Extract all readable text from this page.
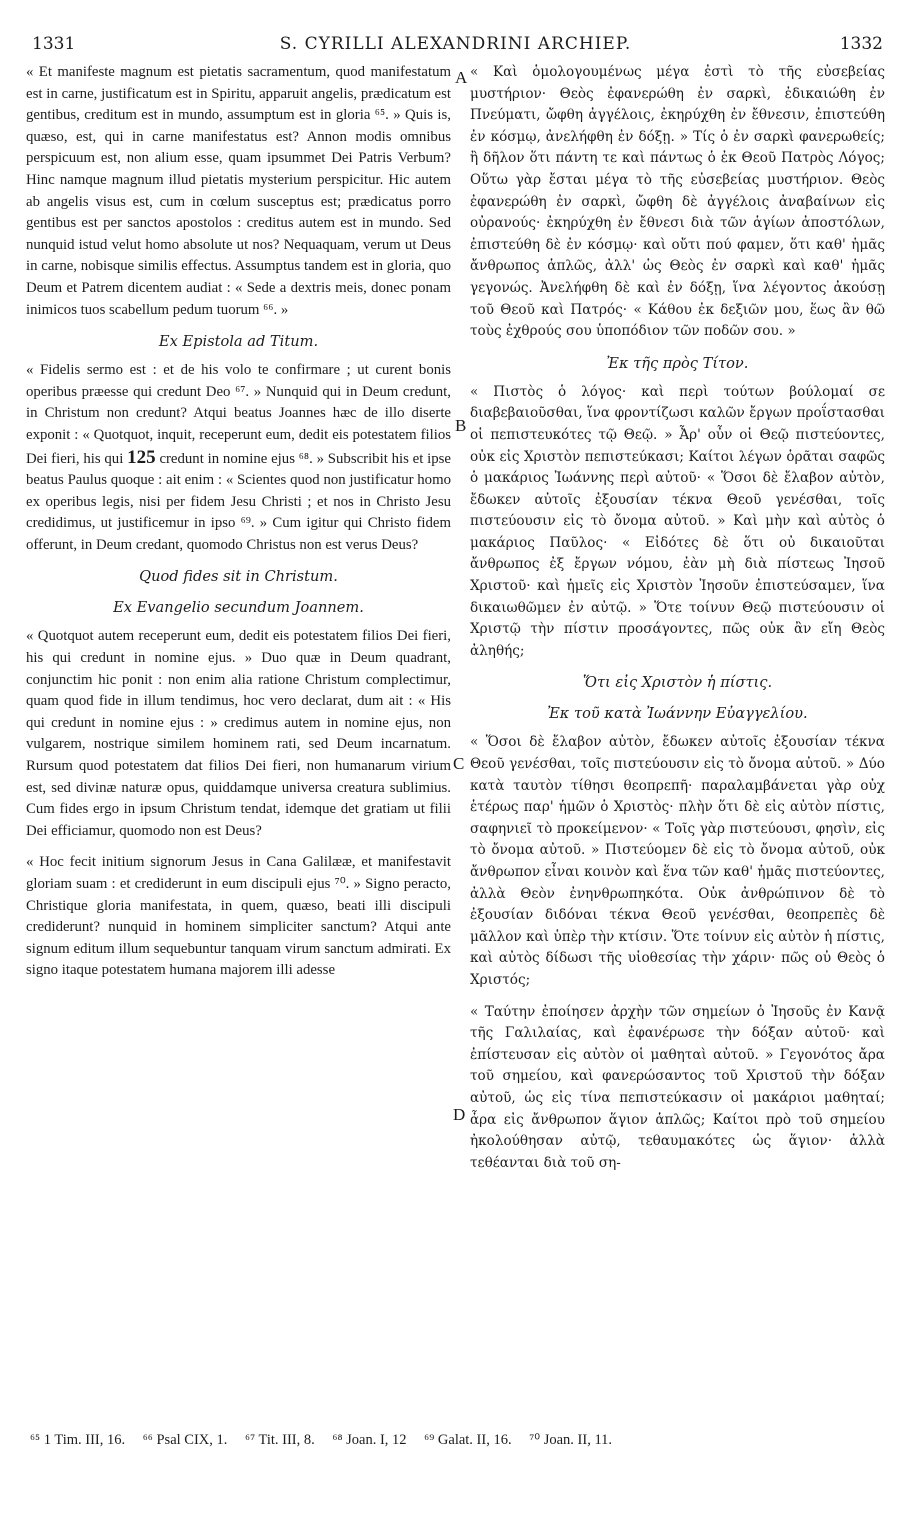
1331	S. CYRILLI ALEXANDRINI ARCHIEP.	1332

« Et manifeste magnum est pietatis sacramentum, quod manifestatum est in carne, justificatum est in Spiritu, apparuit angelis, prædicatum est gentibus, creditum est in mundo, assumptum est in gloria ⁶⁵. » Quis is, quæso, est, qui in carne manifestatus est? Annon modis omnibus perspicuum est, non alium esse, quam ipsummet Dei Patris Verbum? Hinc namque magnum illud pietatis mysterium perspicitur. Hic autem ab angelis visus est, cum in cœlum susceptus est; prædicatus porro gentibus est per sanctos apostolos : creditus autem est in mundo. Sed nunquid istud velut homo absolute ut nos? Nequaquam, verum ut Deus in carne, nobisque similis effectus. Assumptus tandem est in gloria, quo Deum et Patrem dicentem audiat : « Sede a dextris meis, donec ponam inimicos tuos scabellum pedum tuorum ⁶⁶. »

Ex Epistola ad Titum.

« Fidelis sermo est : et de his volo te confirmare ; ut curent bonis operibus præesse qui credunt Deo ⁶⁷. » Nunquid qui in Deum credunt, in Christum non credunt? Atqui beatus Joannes hæc de illo diserte exponit : « Quotquot, inquit, receperunt eum, dedit eis potestatem filios Dei fieri, his qui 125 credunt in nomine ejus ⁶⁸. » Subscribit his et ipse beatus Paulus quoque : ait enim : « Scientes quod non justificatur homo ex operibus legis, nisi per fidem Jesu Christi ; et nos in Christo Jesu credidimus, ut justificemur in ipso ⁶⁹. » Cum igitur qui Christo fidem offerunt, in Deum credant, quomodo Christus non est verus Deus?

Quod fides sit in Christum.
Ex Evangelio secundum Joannem.

« Quotquot autem receperunt eum, dedit eis potestatem filios Dei fieri, his qui credunt in nomine ejus. » Duo quæ in Deum quadrant, conjunctim hic ponit : non enim alia ratione Christum complectimur, quam quod fide in illum tendimus, hoc vero declarat, dum ait : « His qui credunt in nomine ejus : » credimus autem in nomine ejus, non vulgarem, nostrique similem hominem rati, sed Deum incarnatum. Rursum quod potestatem dat filios Dei fieri, non humanarum virium est, sed divinæ naturæ opus, quiddamque universa creatura sublimius. Cum fides ergo in ipsum Christum tendat, idemque det gratiam ut filii Dei efficiamur, quomodo non est Deus?

« Hoc fecit initium signorum Jesus in Cana Galilææ, et manifestavit gloriam suam : et crediderunt in eum discipuli ejus ⁷⁰. » Signo peracto, Christique gloria manifestata, in quem, quæso, beati illi discipuli crediderunt? nunquid in hominem simpliciter sanctum? Atqui ante signum editum illum sequebuntur tanquam virum sanctum admirati. Ex signo itaque potestatem humana majorem illi adesse

A
B
C
D

« Καὶ ὁμολογουμένως μέγα ἐστὶ τὸ τῆς εὐσεβείας μυστήριον· Θεὸς ἐφανερώθη ἐν σαρκὶ, ἐδικαιώθη ἐν Πνεύματι, ὤφθη ἀγγέλοις, ἐκηρύχθη ἐν ἔθνεσιν, ἐπιστεύθη ἐν κόσμῳ, ἀνελήφθη ἐν δόξῃ. » Τίς ὁ ἐν σαρκὶ φανερωθείς; ἢ δῆλον ὅτι πάντη τε καὶ πάντως ὁ ἐκ Θεοῦ Πατρὸς Λόγος; Οὕτω γὰρ ἔσται μέγα τὸ τῆς εὐσεβείας μυστήριον. Θεὸς ἐφανερώθη ἐν σαρκὶ, ὤφθη δὲ ἀγγέλοις ἀναβαίνων εἰς οὐρανούς· ἐκηρύχθη ἐν ἔθνεσι διὰ τῶν ἁγίων ἀποστόλων, ἐπιστεύθη δὲ ἐν κόσμῳ· καὶ οὔτι πού φαμεν, ὅτι καθ' ἡμᾶς ἄνθρωπος ἁπλῶς, ἀλλ' ὡς Θεὸς ἐν σαρκὶ καὶ καθ' ἡμᾶς γεγονώς. Ἀνελήφθη δὲ καὶ ἐν δόξῃ, ἵνα λέγοντος ἀκούσῃ τοῦ Θεοῦ καὶ Πατρός· « Κάθου ἐκ δεξιῶν μου, ἕως ἂν θῶ τοὺς ἐχθρούς σου ὑποπόδιον τῶν ποδῶν σου. »

Ἐκ τῆς πρὸς Τίτον.

« Πιστὸς ὁ λόγος· καὶ περὶ τούτων βούλομαί σε διαβεβαιοῦσθαι, ἵνα φροντίζωσι καλῶν ἔργων προΐστασθαι οἱ πεπιστευκότες τῷ Θεῷ. » Ἆρ' οὖν οἱ Θεῷ πιστεύοντες, οὐκ εἰς Χριστὸν πεπιστεύκασι; Καίτοι λέγων ὁρᾶται σαφῶς ὁ μακάριος Ἰωάννης περὶ αὐτοῦ· « Ὅσοι δὲ ἔλαβον αὐτὸν, ἔδωκεν αὐτοῖς ἐξουσίαν τέκνα Θεοῦ γενέσθαι, τοῖς πιστεύουσιν εἰς τὸ ὄνομα αὐτοῦ. » Καὶ μὴν καὶ αὐτὸς ὁ μακάριος Παῦλος· « Εἰδότες δὲ ὅτι οὐ δικαιοῦται ἄνθρωπος ἐξ ἔργων νόμου, ἐὰν μὴ διὰ πίστεως Ἰησοῦ Χριστοῦ· καὶ ἡμεῖς εἰς Χριστὸν Ἰησοῦν ἐπιστεύσαμεν, ἵνα δικαιωθῶμεν ἐν αὐτῷ. » Ὅτε τοίνυν Θεῷ πιστεύουσιν οἱ Χριστῷ τὴν πίστιν προσάγοντες, πῶς οὐκ ἂν εἴη Θεὸς ἀληθής;

Ὅτι εἰς Χριστὸν ἡ πίστις.
Ἐκ τοῦ κατὰ Ἰωάννην Εὐαγγελίου.

« Ὅσοι δὲ ἔλαβον αὐτὸν, ἔδωκεν αὐτοῖς ἐξουσίαν τέκνα Θεοῦ γενέσθαι, τοῖς πιστεύουσιν εἰς τὸ ὄνομα αὐτοῦ. » Δύο κατὰ ταυτὸν τίθησι θεοπρεπῆ· παραλαμβάνεται γὰρ οὐχ ἑτέρως παρ' ἡμῶν ὁ Χριστὸς· πλὴν ὅτι δὲ εἰς αὐτὸν πίστις, σαφηνιεῖ τὸ προκείμενον· « Τοῖς γὰρ πιστεύουσι, φησὶν, εἰς τὸ ὄνομα αὐτοῦ. » Πιστεύομεν δὲ εἰς τὸ ὄνομα αὐτοῦ, οὐκ ἄνθρωπον εἶναι κοινὸν καὶ ἕνα τῶν καθ' ἡμᾶς πιστεύοντες, ἀλλὰ Θεὸν ἐνηνθρωπηκότα. Οὐκ ἀνθρώπινον δὲ τὸ ἐξουσίαν διδόναι τέκνα Θεοῦ γενέσθαι, θεοπρεπὲς δὲ μᾶλλον καὶ ὑπὲρ τὴν κτίσιν. Ὅτε τοίνυν εἰς αὐτὸν ἡ πίστις, καὶ αὐτὸς δίδωσι τῆς υἱοθεσίας τὴν χάριν· πῶς οὐ Θεὸς ὁ Χριστός;

« Ταύτην ἐποίησεν ἀρχὴν τῶν σημείων ὁ Ἰησοῦς ἐν Κανᾷ τῆς Γαλιλαίας, καὶ ἐφανέρωσε τὴν δόξαν αὐτοῦ· καὶ ἐπίστευσαν εἰς αὐτὸν οἱ μαθηταὶ αὐτοῦ. » Γεγονότος ἄρα τοῦ σημείου, καὶ φανερώσαντος τοῦ Χριστοῦ τὴν δόξαν αὐτοῦ, ὡς εἰς τίνα πεπιστεύκασιν οἱ μακάριοι μαθηταί; ἆρα εἰς ἄνθρωπον ἅγιον ἁπλῶς; Καίτοι πρὸ τοῦ σημείου ἠκολούθησαν αὐτῷ, τεθαυμακότες ὡς ἅγιον· ἀλλὰ τεθέανται διὰ τοῦ ση-

⁶⁵ 1 Tim. III, 16. ⁶⁶ Psal CIX, 1. ⁶⁷ Tit. III, 8. ⁶⁸ Joan. I, 12 ⁶⁹ Galat. II, 16. ⁷⁰ Joan. II, 11.
